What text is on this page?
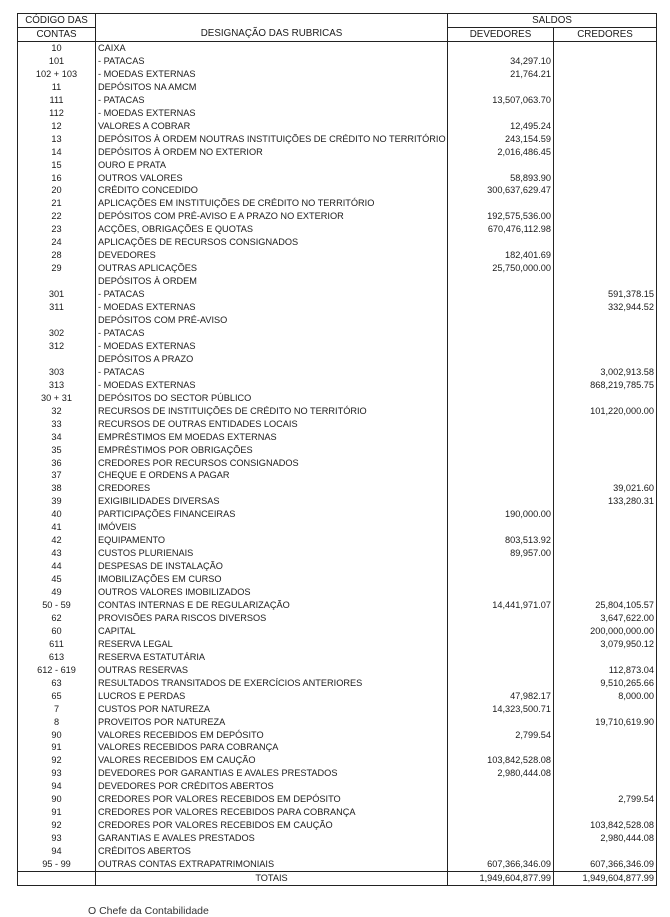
CÓDIGO DAS	DESIGNAÇÃO DAS RUBRICAS	SALDOS	
CONTAS		DEVEDORES	CREDORES
10	CAIXA		
101	- PATACAS	34,297.10	
102 + 103	- MOEDAS EXTERNAS	21,764.21	
11	DEPÓSITOS NA AMCM		
111	- PATACAS	13,507,063.70	
112	- MOEDAS EXTERNAS		
12	VALORES A COBRAR	12,495.24	
13	DEPÓSITOS À ORDEM NOUTRAS INSTITUIÇÕES DE CRÉDITO NO TERRITÓRIO	243,154.59	
14	DEPÓSITOS À ORDEM NO EXTERIOR	2,016,486.45	
15	OURO E PRATA		
16	OUTROS VALORES	58,893.90	
20	CRÉDITO CONCEDIDO	300,637,629.47	
21	APLICAÇÕES EM INSTITUIÇÕES DE CRÉDITO NO TERRITÓRIO		
22	DEPÓSITOS COM PRÉ-AVISO E A PRAZO NO EXTERIOR	192,575,536.00	
23	ACÇÕES, OBRIGAÇÕES E QUOTAS	670,476,112.98	
24	APLICAÇÕES DE RECURSOS CONSIGNADOS		
28	DEVEDORES	182,401.69	
29	OUTRAS APLICAÇÕES	25,750,000.00	
	DEPÓSITOS À ORDEM		
301	- PATACAS		591,378.15
311	- MOEDAS EXTERNAS		332,944.52
	DEPÓSITOS COM PRÉ-AVISO		
302	- PATACAS		
312	- MOEDAS EXTERNAS		
	DEPÓSITOS A PRAZO		
303	- PATACAS		3,002,913.58
313	- MOEDAS EXTERNAS		868,219,785.75
30 + 31	DEPÓSITOS DO SECTOR PÚBLICO		
32	RECURSOS DE INSTITUIÇÕES DE CRÉDITO NO TERRITÓRIO		101,220,000.00
33	RECURSOS DE OUTRAS ENTIDADES LOCAIS		
34	EMPRÉSTIMOS EM MOEDAS EXTERNAS		
35	EMPRÉSTIMOS POR OBRIGAÇÕES		
36	CREDORES POR RECURSOS CONSIGNADOS		
37	CHEQUE E ORDENS A PAGAR		
38	CREDORES		39,021.60
39	EXIGIBILIDADES DIVERSAS		133,280.31
40	PARTICIPAÇÕES FINANCEIRAS	190,000.00	
41	IMÓVEIS		
42	EQUIPAMENTO	803,513.92	
43	CUSTOS PLURIENAIS	89,957.00	
44	DESPESAS DE INSTALAÇÃO		
45	IMOBILIZAÇÕES EM CURSO		
49	OUTROS VALORES IMOBILIZADOS		
50 - 59	CONTAS INTERNAS E DE REGULARIZAÇÃO	14,441,971.07	25,804,105.57
62	PROVISÕES PARA RISCOS DIVERSOS		3,647,622.00
60	CAPITAL		200,000,000.00
611	RESERVA LEGAL		3,079,950.12
613	RESERVA ESTATUTÁRIA		
612 - 619	OUTRAS RESERVAS		112,873.04
63	RESULTADOS TRANSITADOS DE EXERCÍCIOS ANTERIORES		9,510,265.66
65	LUCROS E PERDAS	47,982.17	8,000.00
7	CUSTOS POR NATUREZA	14,323,500.71	
8	PROVEITOS POR NATUREZA		19,710,619.90
90	VALORES RECEBIDOS EM DEPÓSITO	2,799.54	
91	VALORES RECEBIDOS PARA COBRANÇA		
92	VALORES RECEBIDOS EM CAUÇÃO	103,842,528.08	
93	DEVEDORES POR GARANTIAS E AVALES PRESTADOS	2,980,444.08	
94	DEVEDORES POR CRÉDITOS ABERTOS		
90	CREDORES POR VALORES RECEBIDOS EM DEPÓSITO		2,799.54
91	CREDORES POR VALORES RECEBIDOS PARA COBRANÇA		
92	CREDORES POR VALORES RECEBIDOS EM CAUÇÃO		103,842,528.08
93	GARANTIAS E AVALES PRESTADOS		2,980,444.08
94	CRÉDITOS ABERTOS		
95 - 99	OUTRAS CONTAS EXTRAPATRIMONIAIS	607,366,346.09	607,366,346.09
	TOTAIS	1,949,604,877.99	1,949,604,877.99
O Chefe da Contabilidade
